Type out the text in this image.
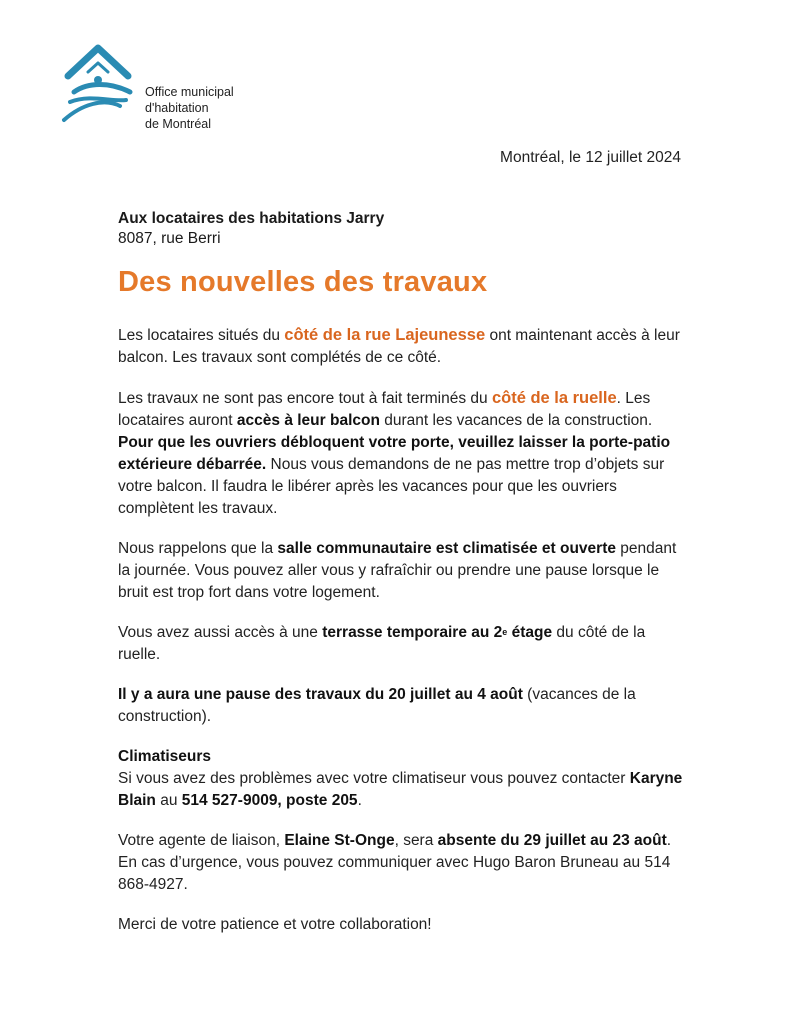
Office municipal
d'habitation
de Montréal
Montréal, le 12 juillet 2024
Aux locataires des habitations Jarry
8087, rue Berri
Des nouvelles des travaux

Les locataires situés du côté de la rue Lajeunesse ont maintenant accès à leur balcon. Les travaux sont complétés de ce côté.

Les travaux ne sont pas encore tout à fait terminés du côté de la ruelle. Les locataires auront accès à leur balcon durant les vacances de la construction. Pour que les ouvriers débloquent votre porte, veuillez laisser la porte-patio extérieure débarrée. Nous vous demandons de ne pas mettre trop d’objets sur votre balcon. Il faudra le libérer après les vacances pour que les ouvriers complètent les travaux.

Nous rappelons que la salle communautaire est climatisée et ouverte pendant la journée. Vous pouvez aller vous y rafraîchir ou prendre une pause lorsque le bruit est trop fort dans votre logement.

Vous avez aussi accès à une terrasse temporaire au 2e étage du côté de la ruelle.

Il y a aura une pause des travaux du 20 juillet au 4 août (vacances de la construction).

Climatiseurs
Si vous avez des problèmes avec votre climatiseur vous pouvez contacter Karyne Blain au 514 527-9009, poste 205.

Votre agente de liaison, Elaine St-Onge, sera absente du 29 juillet au 23 août. En cas d’urgence, vous pouvez communiquer avec Hugo Baron Bruneau au 514 868-4927.

Merci de votre patience et votre collaboration!
